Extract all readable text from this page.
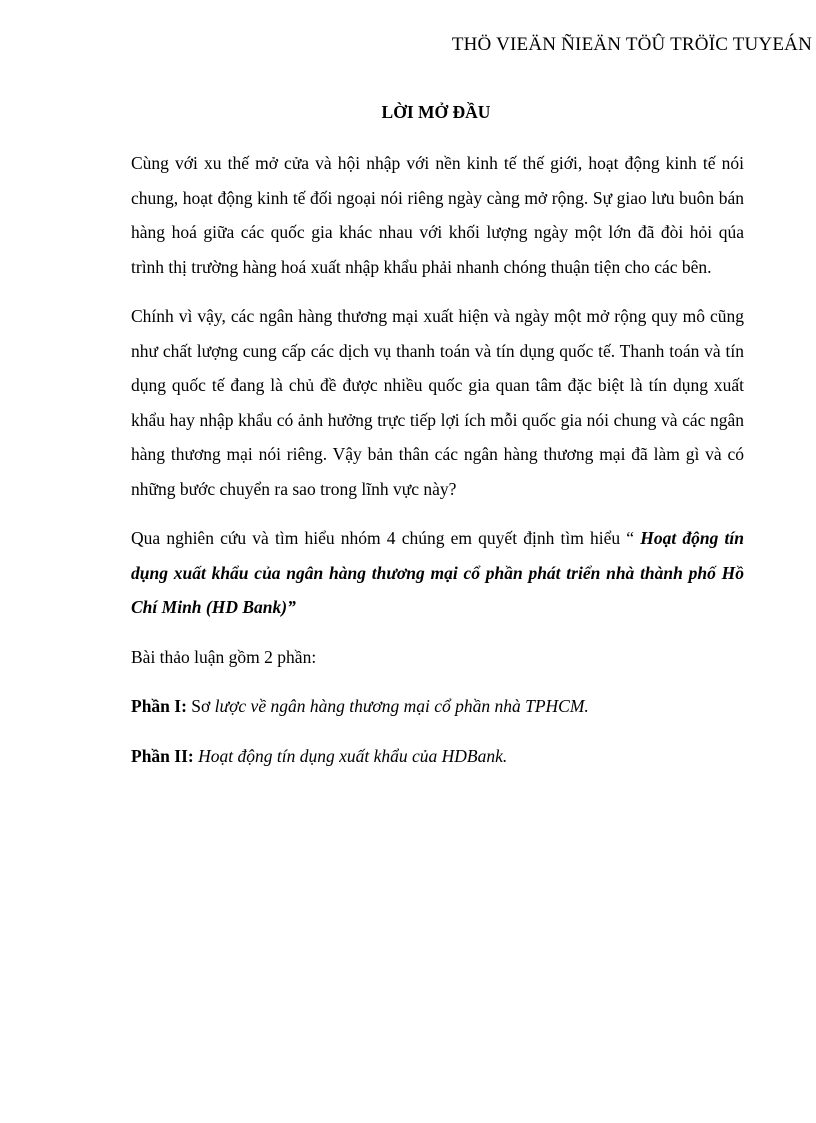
THÖ VIEÄN ÑIEÄN TÖÛ TRÖÏC TUYEÁN
LỜI MỞ ĐẦU

Cùng với xu thế mở cửa và hội nhập với nền kinh tế thế giới, hoạt động kinh tế nói chung, hoạt động kinh tế đối ngoại nói riêng ngày càng mở rộng. Sự giao lưu buôn bán hàng hoá giữa các quốc gia khác nhau với khối lượng ngày một lớn đã đòi hỏi qúa trình thị trường hàng hoá xuất nhập khẩu phải nhanh chóng thuận tiện cho các bên.

Chính vì vậy, các ngân hàng thương mại xuất hiện và ngày một mở rộng quy mô cũng như chất lượng cung cấp các dịch vụ thanh toán và tín dụng quốc tế. Thanh toán và tín dụng quốc tế đang là chủ đề được nhiều quốc gia quan tâm đặc biệt là tín dụng xuất khẩu hay nhập khẩu có ảnh hưởng trực tiếp lợi ích mỗi quốc gia nói chung và các ngân hàng thương mại nói riêng. Vậy bản thân các ngân hàng thương mại đã làm gì và có những bước chuyển ra sao trong lĩnh vực này?

Qua nghiên cứu và tìm hiểu nhóm 4 chúng em quyết định tìm hiểu “ Hoạt động tín dụng xuất khẩu của ngân hàng thương mại cổ phần phát triển nhà thành phố Hồ Chí Minh (HD Bank)”

Bài thảo luận gồm 2 phần:

Phần I: Sơ lược về ngân hàng thương mại cổ phần nhà TPHCM.

Phần II: Hoạt động tín dụng xuất khẩu của HDBank.
